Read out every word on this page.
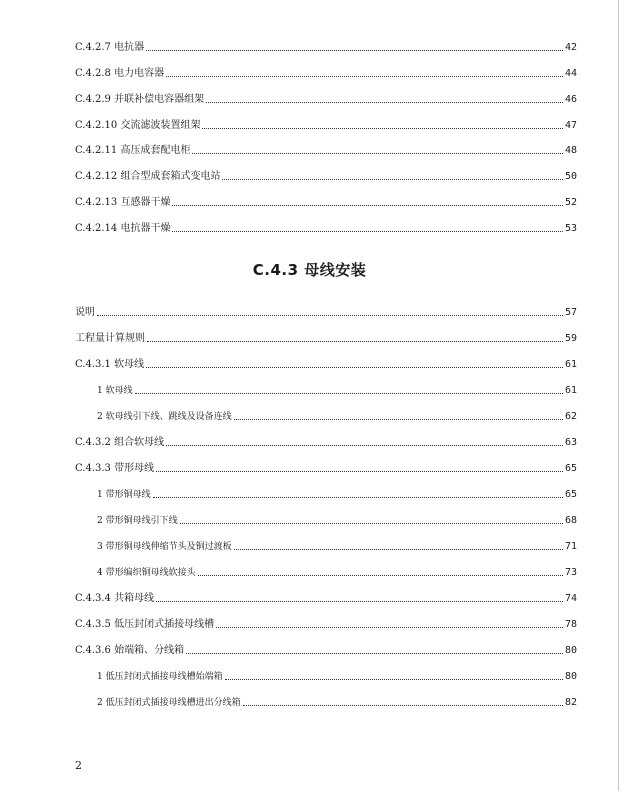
C.4.2.7 电抗器	42
C.4.2.8 电力电容器	44
C.4.2.9 并联补偿电容器组架	46
C.4.2.10 交流滤波装置组架	47
C.4.2.11 高压成套配电柜	48
C.4.2.12 组合型成套箱式变电站	50
C.4.2.13 互感器干燥	52
C.4.2.14 电抗器干燥	53
C.4.3 母线安装
说明	57
工程量计算规则	59
C.4.3.1 软母线	61
1 软母线	61
2 软母线引下线、跳线及设备连线	62
C.4.3.2 组合软母线	63
C.4.3.3 带形母线	65
1 带形铜母线	65
2 带形铜母线引下线	68
3 带形铜母线伸缩节头及铜过渡板	71
4 带形编织铜母线软接头	73
C.4.3.4 共箱母线	74
C.4.3.5 低压封闭式插接母线槽	78
C.4.3.6 始端箱、分线箱	80
1 低压封闭式插接母线槽始端箱	80
2 低压封闭式插接母线槽进出分线箱	82
2
